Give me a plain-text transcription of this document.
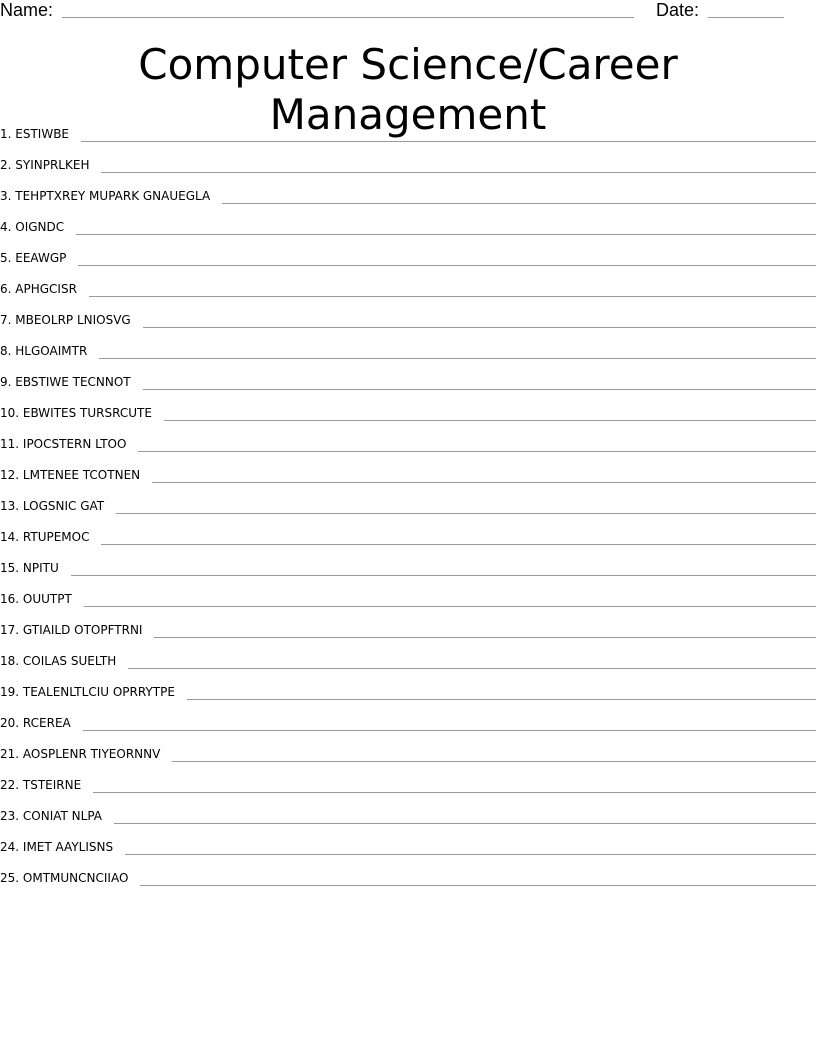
Name:	Date:
Computer Science/Career Management
1. ESTIWBE
2. SYINPRLKEH
3. TEHPTXREY MUPARK GNAUEGLA
4. OIGNDC
5. EEAWGP
6. APHGCISR
7. MBEOLRP LNIOSVG
8. HLGOAIMTR
9. EBSTIWE TECNNOT
10. EBWITES TURSRCUTE
11. IPOCSTERN LTOO
12. LMTENEE TCOTNEN
13. LOGSNIC GAT
14. RTUPEMOC
15. NPITU
16. OUUTPT
17. GTIAILD OTOPFTRNI
18. COILAS SUELTH
19. TEALENLTLCIU OPRRYTPE
20. RCEREA
21. AOSPLENR TIYEORNNV
22. TSTEIRNE
23. CONIAT NLPA
24. IMET AAYLISNS
25. OMTMUNCNCIIAO
